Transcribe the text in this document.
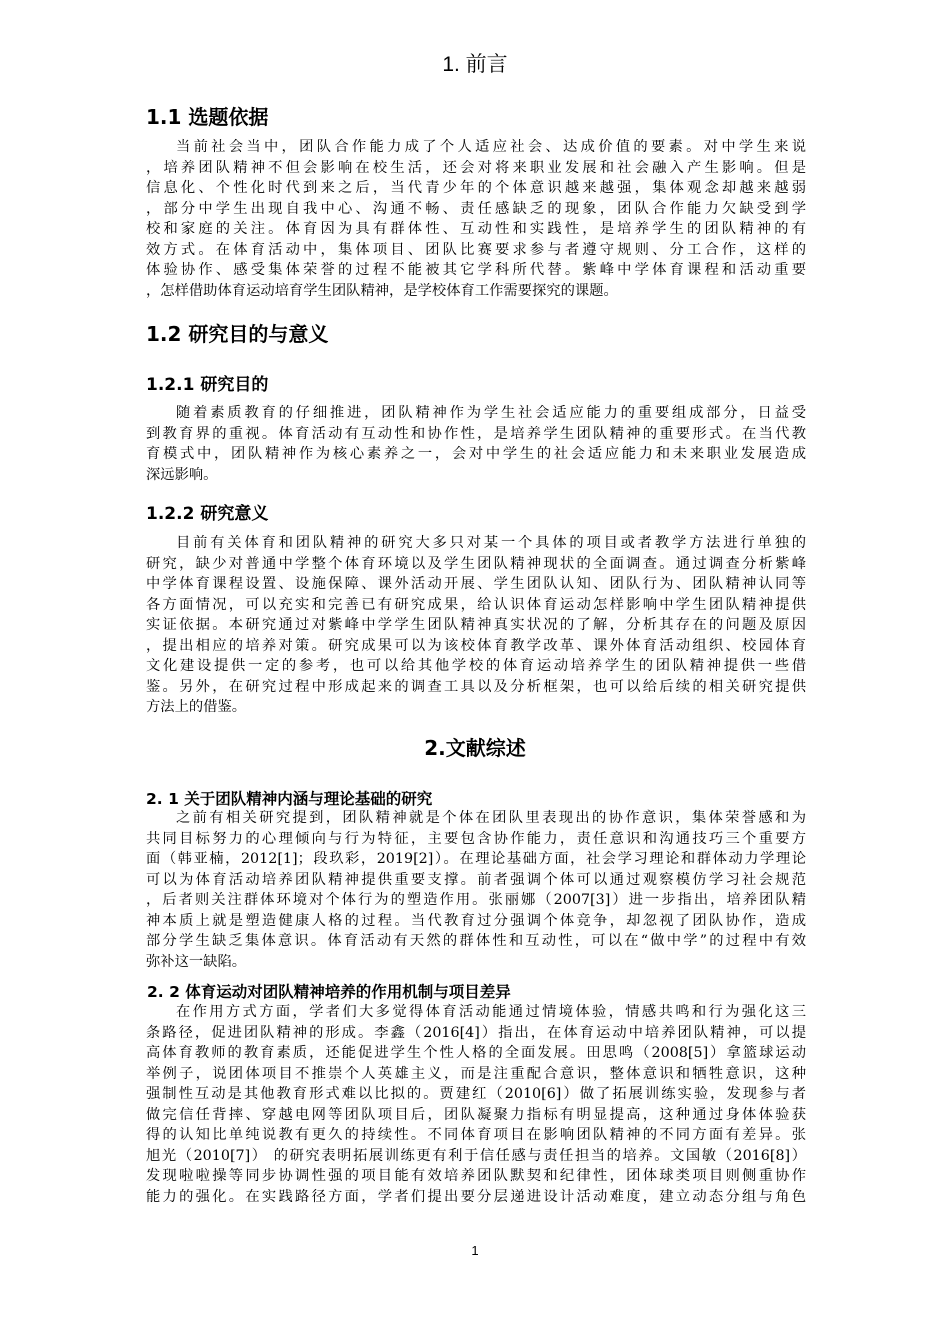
1. 前言
1.1 选题依据
当前社会当中，团队合作能力成了个人适应社会、达成价值的要素。对中学生来说
，培养团队精神不但会影响在校生活，还会对将来职业发展和社会融入产生影响。但是
信息化、个性化时代到来之后，当代青少年的个体意识越来越强，集体观念却越来越弱
，部分中学生出现自我中心、沟通不畅、责任感缺乏的现象，团队合作能力欠缺受到学
校和家庭的关注。体育因为具有群体性、互动性和实践性，是培养学生的团队精神的有
效方式。在体育活动中，集体项目、团队比赛要求参与者遵守规则、分工合作，这样的
体验协作、感受集体荣誉的过程不能被其它学科所代替。紫峰中学体育课程和活动重要
，怎样借助体育运动培育学生团队精神，是学校体育工作需要探究的课题。
1.2 研究目的与意义
1.2.1 研究目的
随着素质教育的仔细推进，团队精神作为学生社会适应能力的重要组成部分，日益受
到教育界的重视。体育活动有互动性和协作性，是培养学生团队精神的重要形式。在当代教
育模式中，团队精神作为核心素养之一，会对中学生的社会适应能力和未来职业发展造成
深远影响。
1.2.2 研究意义
目前有关体育和团队精神的研究大多只对某一个具体的项目或者教学方法进行单独的
研究，缺少对普通中学整个体育环境以及学生团队精神现状的全面调查。通过调查分析紫峰
中学体育课程设置、设施保障、课外活动开展、学生团队认知、团队行为、团队精神认同等
各方面情况，可以充实和完善已有研究成果，给认识体育运动怎样影响中学生团队精神提供
实证依据。本研究通过对紫峰中学学生团队精神真实状况的了解，分析其存在的问题及原因
，提出相应的培养对策。研究成果可以为该校体育教学改革、课外体育活动组织、校园体育
文化建设提供一定的参考，也可以给其他学校的体育运动培养学生的团队精神提供一些借
鉴。另外，在研究过程中形成起来的调查工具以及分析框架，也可以给后续的相关研究提供
方法上的借鉴。
2.文献综述
2. 1 关于团队精神内涵与理论基础的研究
之前有相关研究提到，团队精神就是个体在团队里表现出的协作意识，集体荣誉感和为
共同目标努力的心理倾向与行为特征，主要包含协作能力，责任意识和沟通技巧三个重要方
面（韩亚楠，2012[1]；段玖彩，2019[2]）。在理论基础方面，社会学习理论和群体动力学理论
可以为体育活动培养团队精神提供重要支撑。前者强调个体可以通过观察模仿学习社会规范
，后者则关注群体环境对个体行为的塑造作用。张丽娜（2007[3]）进一步指出，培养团队精
神本质上就是塑造健康人格的过程。当代教育过分强调个体竞争，却忽视了团队协作，造成
部分学生缺乏集体意识。体育活动有天然的群体性和互动性，可以在“做中学”的过程中有效
弥补这一缺陷。
2. 2 体育运动对团队精神培养的作用机制与项目差异
在作用方式方面，学者们大多觉得体育活动能通过情境体验，情感共鸣和行为强化这三
条路径，促进团队精神的形成。李鑫（2016[4]）指出，在体育运动中培养团队精神，可以提
高体育教师的教育素质，还能促进学生个性人格的全面发展。田思鸣（2008[5]）拿篮球运动
举例子，说团体项目不推崇个人英雄主义，而是注重配合意识，整体意识和牺牲意识，这种
强制性互动是其他教育形式难以比拟的。贾建红（2010[6]）做了拓展训练实验，发现参与者
做完信任背摔、穿越电网等团队项目后，团队凝聚力指标有明显提高，这种通过身体体验获
得的认知比单纯说教有更久的持续性。不同体育项目在影响团队精神的不同方面有差异。张
旭光（2010[7]） 的研究表明拓展训练更有利于信任感与责任担当的培养。文国敏（2016[8]）
发现啦啦操等同步协调性强的项目能有效培养团队默契和纪律性，团体球类项目则侧重协作
能力的强化。在实践路径方面，学者们提出要分层递进设计活动难度，建立动态分组与角色
1
